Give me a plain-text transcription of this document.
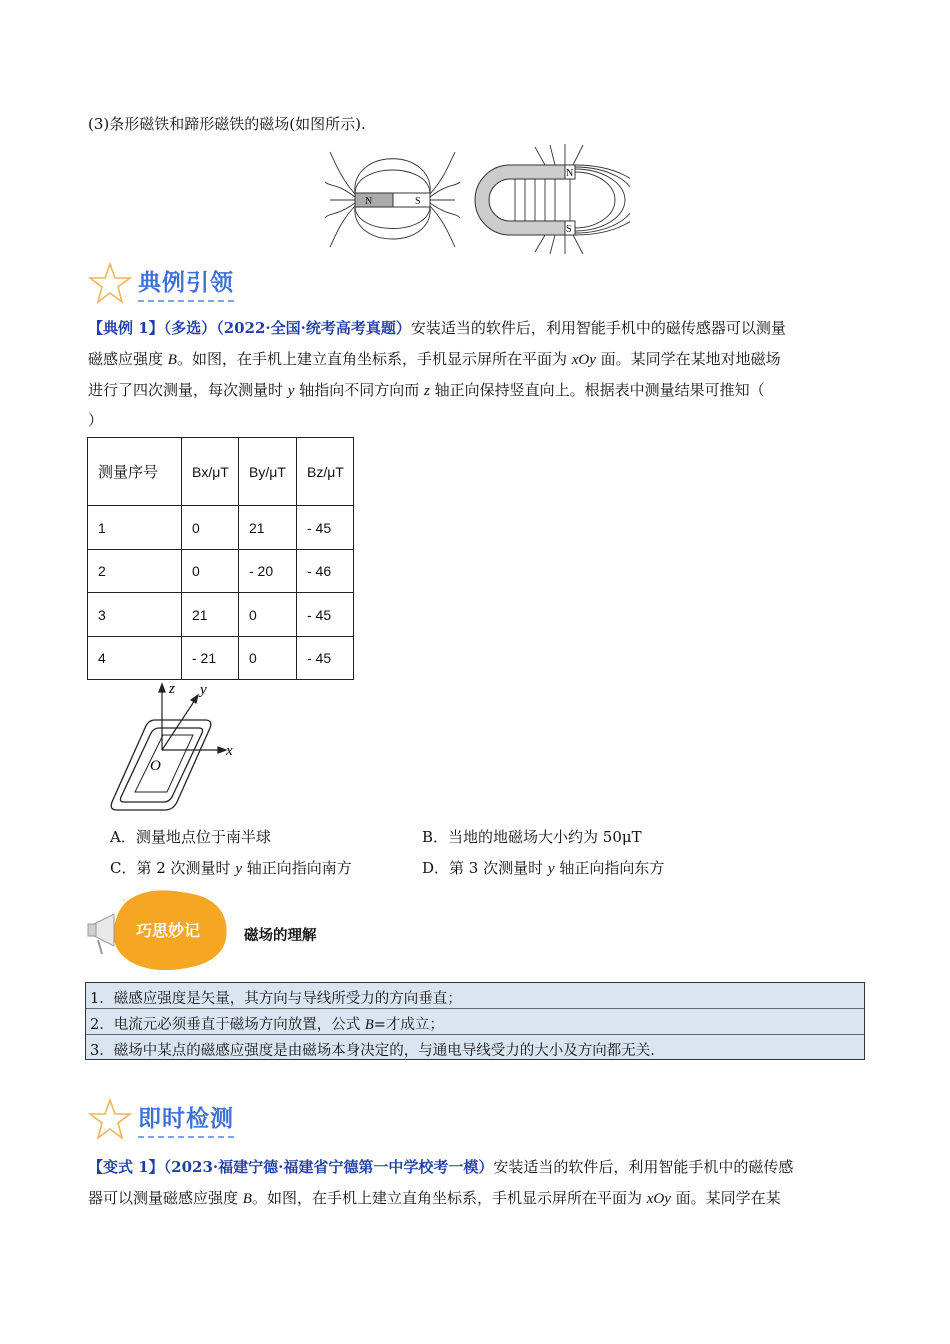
(3)条形磁铁和蹄形磁铁的磁场(如图所示).
N	S
N
S
典例引领
【典例 1】（多选）（2022·全国·统考高考真题）安装适当的软件后，利用智能手机中的磁传感器可以测量
磁感应强度 B。如图，在手机上建立直角坐标系，手机显示屏所在平面为 xOy 面。某同学在某地对地磁场
进行了四次测量，每次测量时 y 轴指向不同方向而 z 轴正向保持竖直向上。根据表中测量结果可推知（
）
测量序号	Bx/μT	By/μT	Bz/μT
1	0	21	- 45
2	0	- 20	- 46
3	21	0	- 45
4	- 21	0	- 45
z y
x
O
A．测量地点位于南半球	B．当地的地磁场大小约为 50μT
C．第 2 次测量时 y 轴正向指向南方	D．第 3 次测量时 y 轴正向指向东方
巧思妙记
·
磁场的理解
1．磁感应强度是矢量，其方向与导线所受力的方向垂直；
2．电流元必须垂直于磁场方向放置，公式 B=才成立；
3．磁场中某点的磁感应强度是由磁场本身决定的，与通电导线受力的大小及方向都无关.
即时检测
【变式 1】（2023·福建宁德·福建省宁德第一中学校考一模）安装适当的软件后，利用智能手机中的磁传感
器可以测量磁感应强度 B。如图，在手机上建立直角坐标系，手机显示屏所在平面为 xOy 面。某同学在某
